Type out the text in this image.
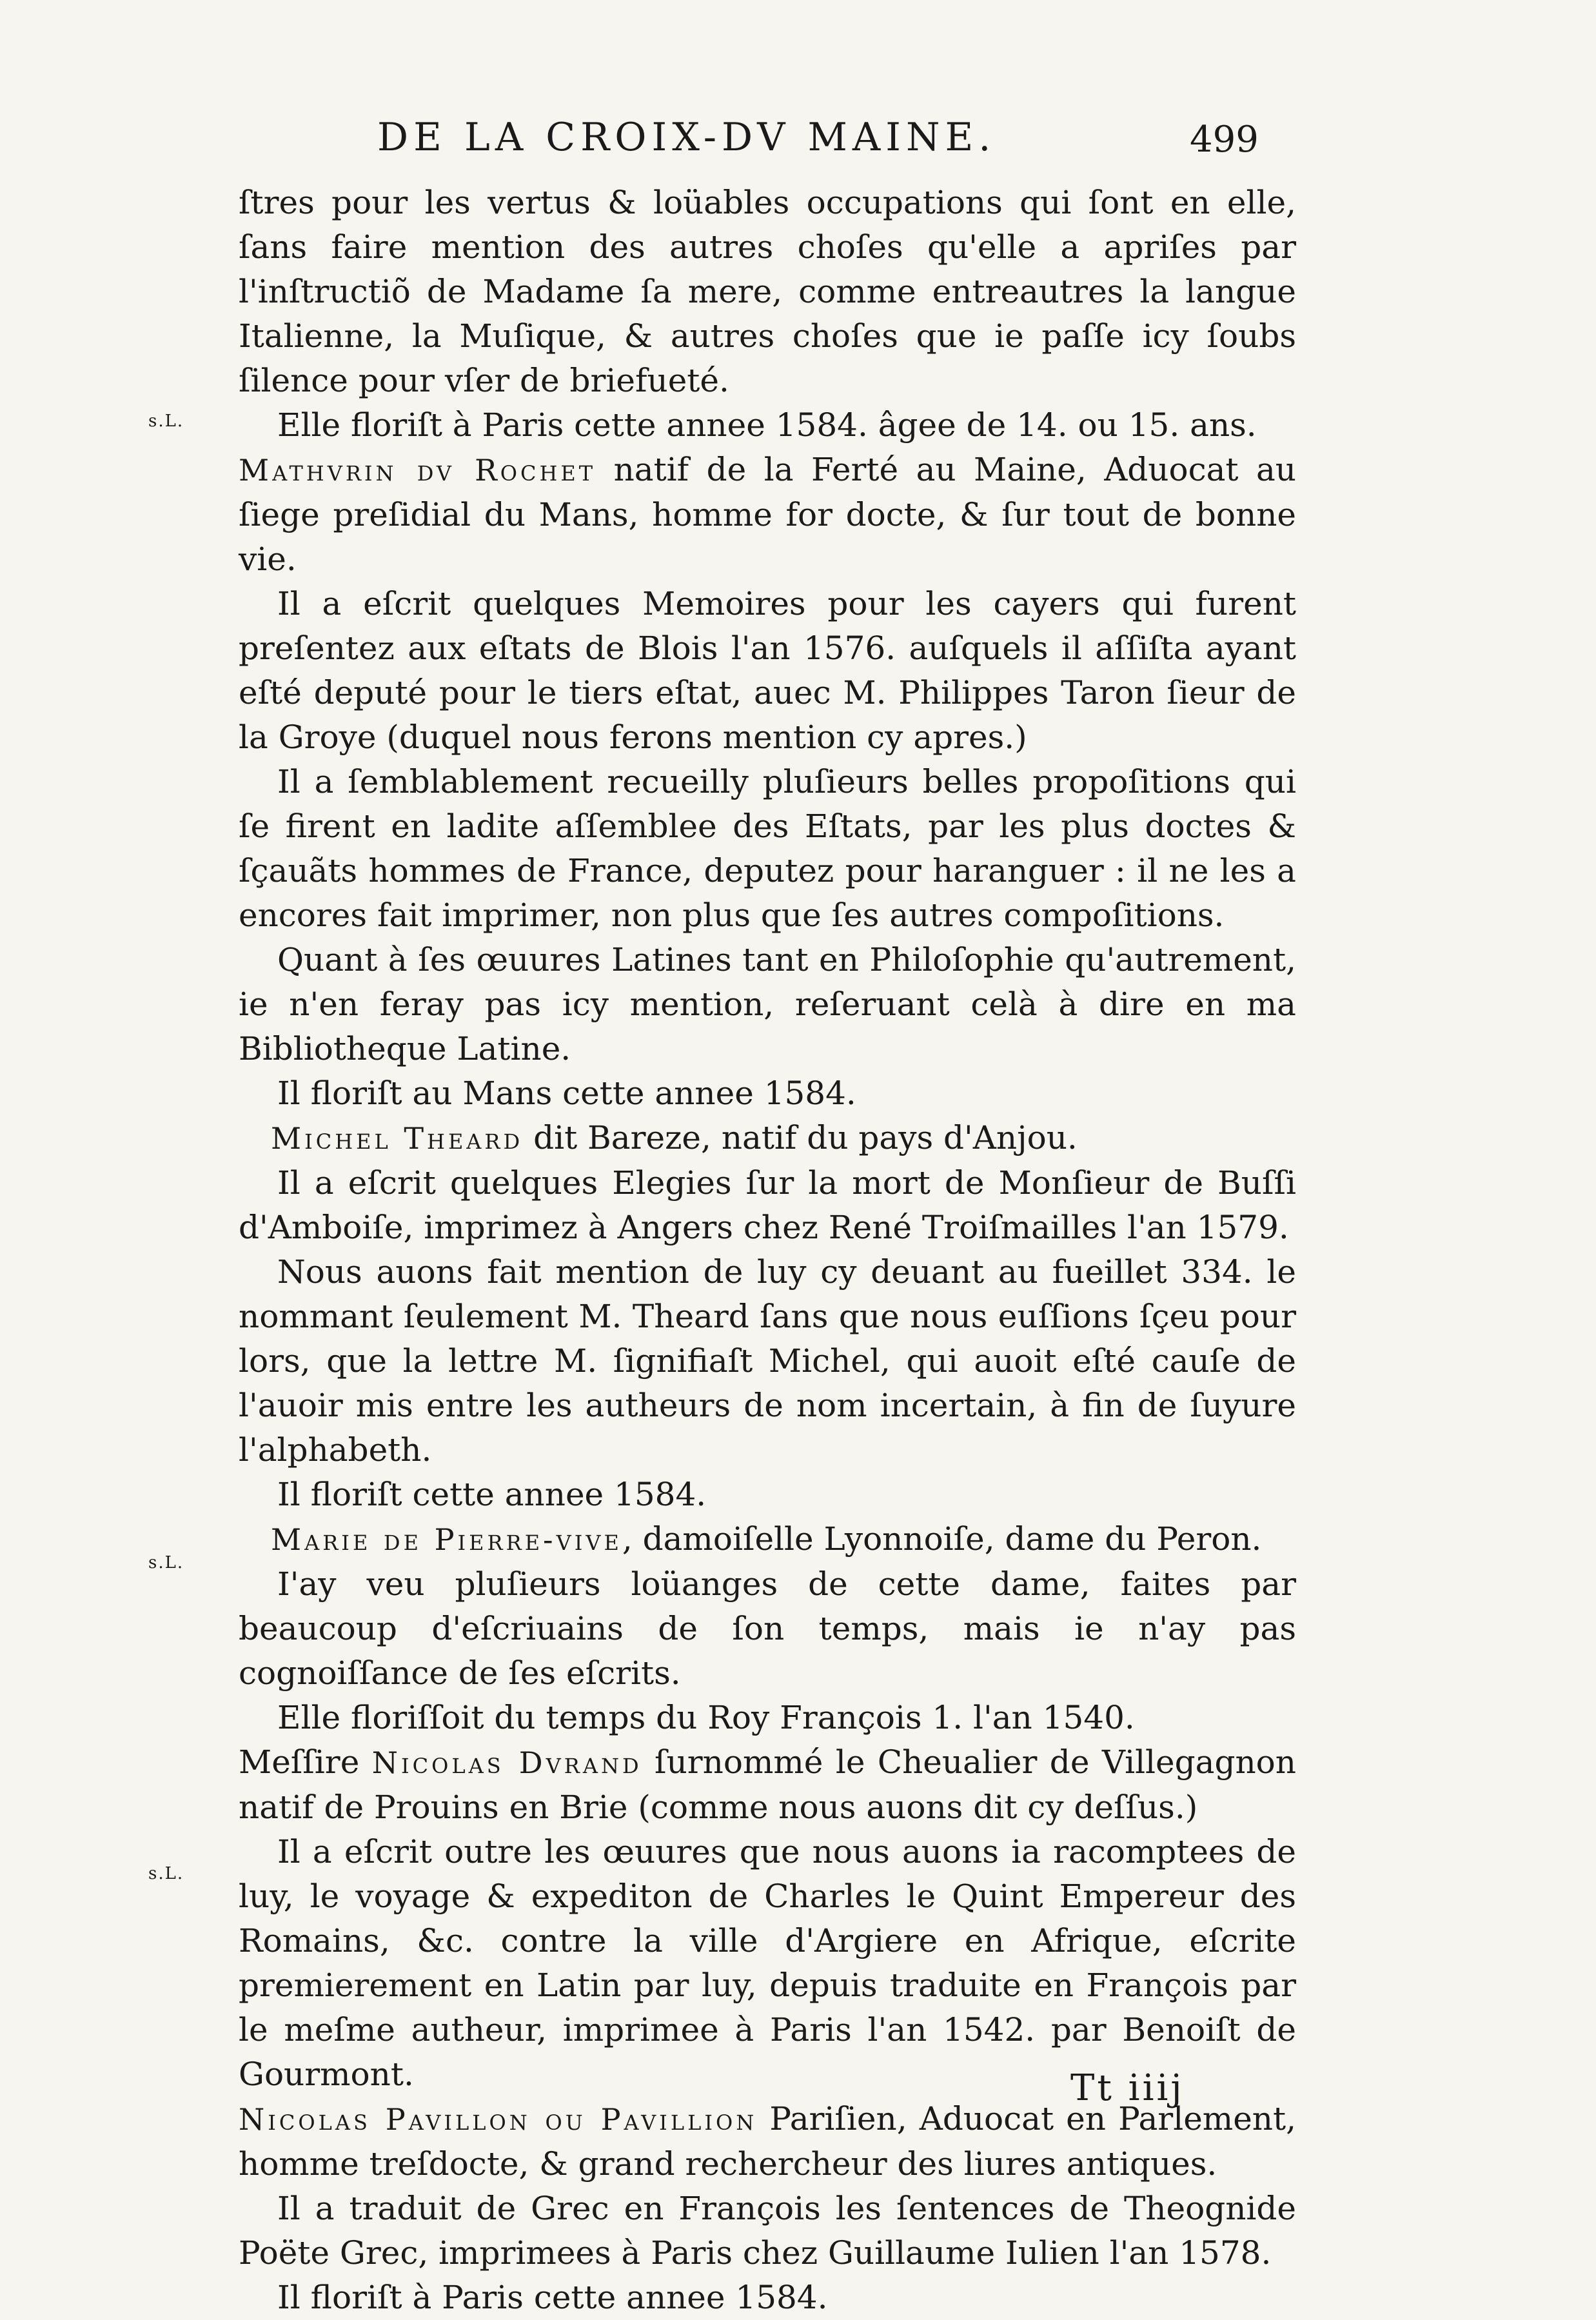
DE LA CROIX-DV MAINE.	499
s.L.
s.L.
s.L.

ſtres pour les vertus & loüables occupations qui ſont en elle, ſans faire mention des autres choſes qu'elle a apriſes par l'inſtructiõ de Madame ſa mere, comme entreautres la langue Italienne, la Muſique, & autres choſes que ie paſſe icy ſoubs ſilence pour vſer de briefueté.

Elle floriſt à Paris cette annee 1584. âgee de 14. ou 15. ans.

Mathvrin dv Rochet natif de la Ferté au Maine, Aduocat au ſiege preſidial du Mans, homme for docte, & ſur tout de bonne vie.

Il a eſcrit quelques Memoires pour les cayers qui furent preſentez aux eſtats de Blois l'an 1576. auſquels il aſſiſta ayant eſté deputé pour le tiers eſtat, auec M. Philippes Taron ſieur de la Groye (duquel nous ferons mention cy apres.)

Il a ſemblablement recueilly pluſieurs belles propoſitions qui ſe firent en ladite aſſemblee des Eſtats, par les plus doctes & ſçauãts hommes de France, deputez pour haranguer : il ne les a encores fait imprimer, non plus que ſes autres compoſitions.

Quant à ſes œuures Latines tant en Philoſophie qu'autrement, ie n'en feray pas icy mention, reſeruant celà à dire en ma Bibliotheque Latine.

Il floriſt au Mans cette annee 1584.

Michel Theard dit Bareze, natif du pays d'Anjou.

Il a eſcrit quelques Elegies ſur la mort de Monſieur de Buſſi d'Amboiſe, imprimez à Angers chez René Troiſmailles l'an 1579.

Nous auons fait mention de luy cy deuant au fueillet 334. le nommant ſeulement M. Theard ſans que nous euſſions ſçeu pour lors, que la lettre M. ſignifiaſt Michel, qui auoit eſté cauſe de l'auoir mis entre les autheurs de nom incertain, à fin de ſuyure l'alphabeth.

Il floriſt cette annee 1584.

Marie de Pierre-vive, damoiſelle Lyonnoiſe, dame du Peron.

I'ay veu pluſieurs loüanges de cette dame, faites par beaucoup d'eſcriuains de ſon temps, mais ie n'ay pas cognoiſſance de ſes eſcrits.

Elle floriſſoit du temps du Roy François 1. l'an 1540.

Meſſire Nicolas Dvrand ſurnommé le Cheualier de Villegagnon natif de Prouins en Brie (comme nous auons dit cy deſſus.)

Il a eſcrit outre les œuures que nous auons ia racomptees de luy, le voyage & expediton de Charles le Quint Empereur des Romains, &c. contre la ville d'Argiere en Afrique, eſcrite premierement en Latin par luy, depuis traduite en François par le meſme autheur, imprimee à Paris l'an 1542. par Benoiſt de Gourmont.

Nicolas Pavillon ou Pavillion Pariſien, Aduocat en Parlement, homme treſdocte, & grand rechercheur des liures antiques.

Il a traduit de Grec en François les ſentences de Theognide Poëte Grec, imprimees à Paris chez Guillaume Iulien l'an 1578.

Il floriſt à Paris cette annee 1584.

Tt iiij
